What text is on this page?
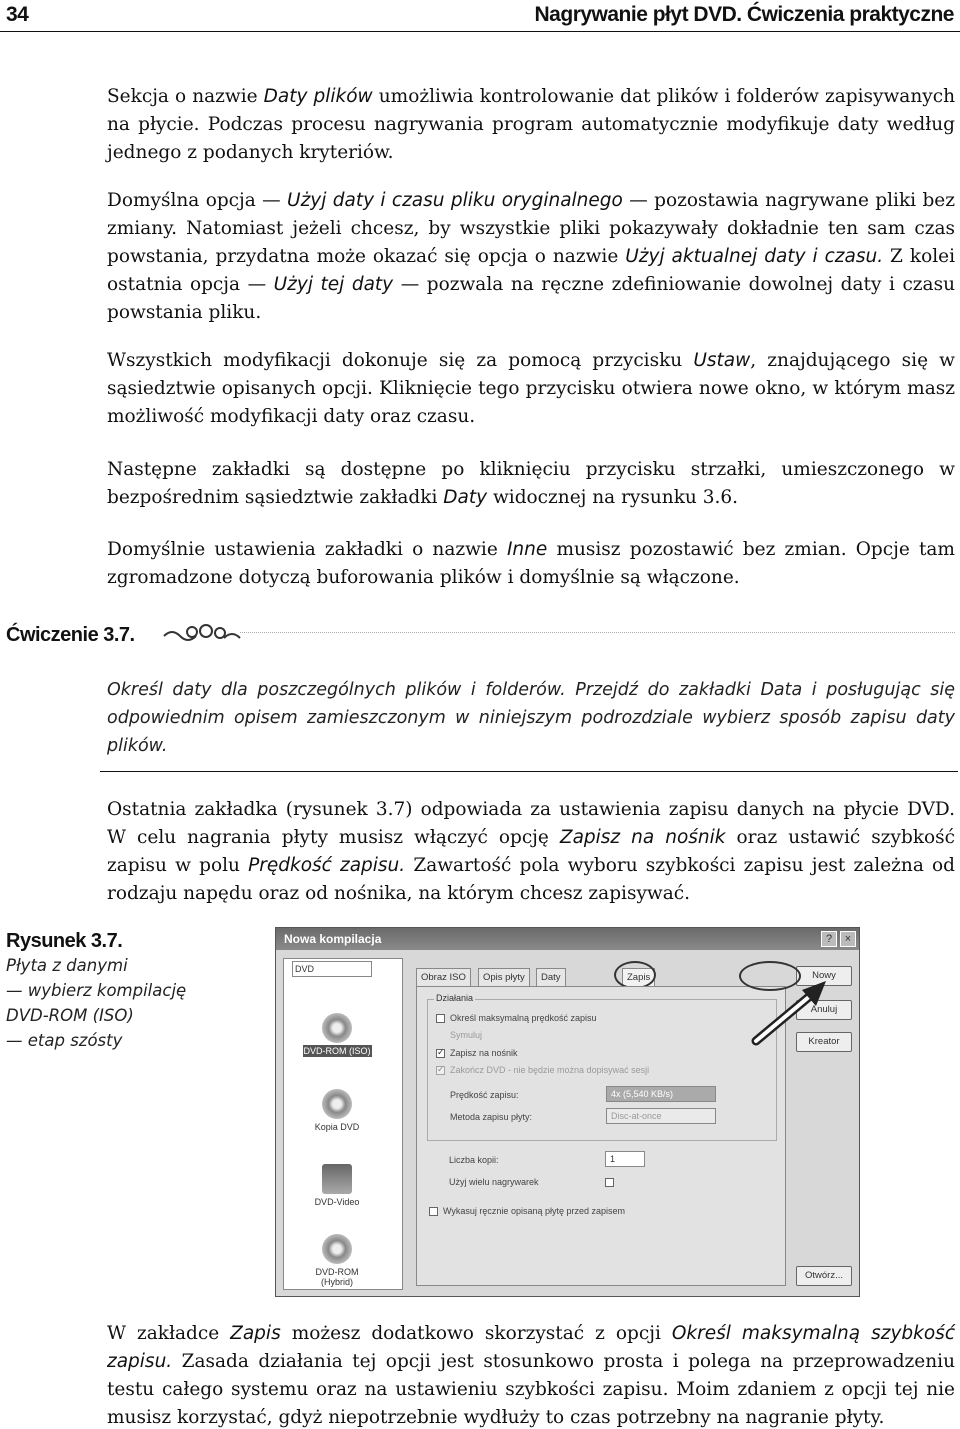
34	Nagrywanie płyt DVD. Ćwiczenia praktyczne
Sekcja o nazwie Daty plików umożliwia kontrolowanie dat plików i folderów zapisywanych na płycie. Podczas procesu nagrywania program automatycznie modyfikuje daty według jednego z podanych kryteriów.
Domyślna opcja — Użyj daty i czasu pliku oryginalnego — pozostawia nagrywane pliki bez zmiany. Natomiast jeżeli chcesz, by wszystkie pliki pokazywały dokładnie ten sam czas powstania, przydatna może okazać się opcja o nazwie Użyj aktualnej daty i czasu. Z kolei ostatnia opcja — Użyj tej daty — pozwala na ręczne zdefiniowanie dowolnej daty i czasu powstania pliku.
Wszystkich modyfikacji dokonuje się za pomocą przycisku Ustaw, znajdującego się w sąsiedztwie opisanych opcji. Kliknięcie tego przycisku otwiera nowe okno, w którym masz możliwość modyfikacji daty oraz czasu.
Następne zakładki są dostępne po kliknięciu przycisku strzałki, umieszczonego w bezpośrednim sąsiedztwie zakładki Daty widocznej na rysunku 3.6.
Domyślnie ustawienia zakładki o nazwie Inne musisz pozostawić bez zmian. Opcje tam zgromadzone dotyczą buforowania plików i domyślnie są włączone.
Ćwiczenie 3.7.
Określ daty dla poszczególnych plików i folderów. Przejdź do zakładki Data i posługując się odpowiednim opisem zamieszczonym w niniejszym podrozdziale wybierz sposób zapisu daty plików.
Ostatnia zakładka (rysunek 3.7) odpowiada za ustawienia zapisu danych na płycie DVD. W celu nagrania płyty musisz włączyć opcję Zapisz na nośnik oraz ustawić szybkość zapisu w polu Prędkość zapisu. Zawartość pola wyboru szybkości zapisu jest zależna od rodzaju napędu oraz od nośnika, na którym chcesz zapisywać.
Rysunek 3.7.
Płyta z danymi
— wybierz kompilację
DVD-ROM (ISO)
— etap szósty
Nowa kompilacja	?	×
DVD
DVD-ROM (ISO)
Kopia DVD
DVD-Video
DVD-ROM (Hybrid)
Obraz ISO	Opis płyty	Daty	Zapis
Działania
Określ maksymalną prędkość zapisu
Symuluj
✓
Zapisz na nośnik
✓
Zakończ DVD - nie będzie można dopisywać sesji
Prędkość zapisu:	4x (5,540 KB/s)
Metoda zapisu płyty:	Disc-at-once
Liczba kopii:	1
Użyj wielu nagrywarek
Wykasuj ręcznie opisaną płytę przed zapisem
Nowy
Anuluj
Kreator
Otwórz...
W zakładce Zapis możesz dodatkowo skorzystać z opcji Określ maksymalną szybkość zapisu. Zasada działania tej opcji jest stosunkowo prosta i polega na przeprowadzeniu testu całego systemu oraz na ustawieniu szybkości zapisu. Moim zdaniem z opcji tej nie musisz korzystać, gdyż niepotrzebnie wydłuży to czas potrzebny na nagranie płyty.
